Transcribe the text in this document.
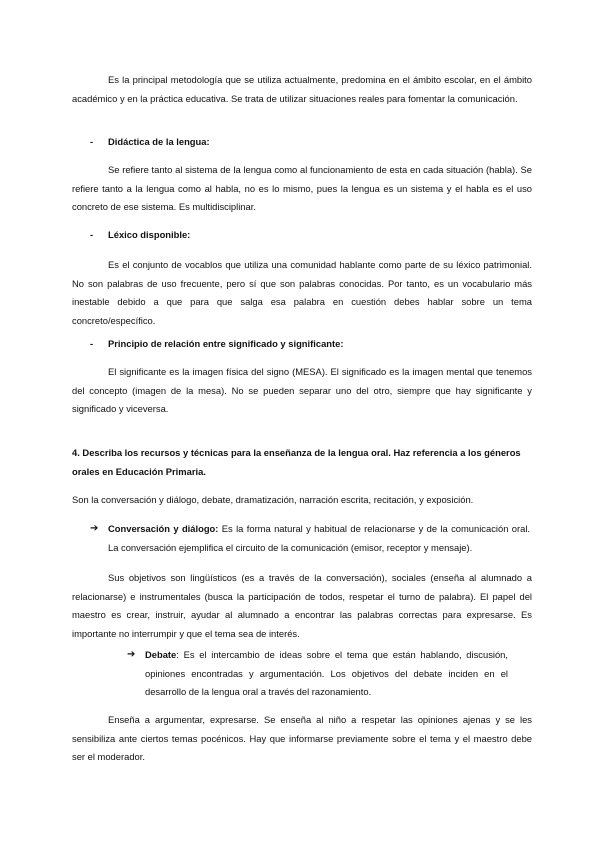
Es la principal metodología que se utiliza actualmente, predomina en el ámbito escolar, en el ámbito académico y en la práctica educativa. Se trata de utilizar situaciones reales para fomentar la comunicación.

- Didáctica de la lengua:

Se refiere tanto al sistema de la lengua como al funcionamiento de esta en cada situación (habla). Se refiere tanto a la lengua como al habla, no es lo mismo, pues la lengua es un sistema y el habla es el uso concreto de ese sistema. Es multidisciplinar.

- Léxico disponible:

Es el conjunto de vocablos que utiliza una comunidad hablante como parte de su léxico patrimonial. No son palabras de uso frecuente, pero sí que son palabras conocidas. Por tanto, es un vocabulario más inestable debido a que para que salga esa palabra en cuestión debes hablar sobre un tema concreto/específico.

- Principio de relación entre significado y significante:

El significante es la imagen física del signo (MESA). El significado es la imagen mental que tenemos del concepto (imagen de la mesa). No se pueden separar uno del otro, siempre que hay significante y significado y viceversa.

4. Describa los recursos y técnicas para la enseñanza de la lengua oral. Haz referencia a los géneros orales en Educación Primaria.
Son la conversación y diálogo, debate, dramatización, narración escrita, recitación, y exposición.
➔ Conversación y diálogo: Es la forma natural y habitual de relacionarse y de la comunicación oral. La conversación ejemplifica el circuito de la comunicación (emisor, receptor y mensaje).

Sus objetivos son lingüísticos (es a través de la conversación), sociales (enseña al alumnado a relacionarse) e instrumentales (busca la participación de todos, respetar el turno de palabra). El papel del maestro es crear, instruir, ayudar al alumnado a encontrar las palabras correctas para expresarse. Es importante no interrumpir y que el tema sea de interés.

➔ Debate: Es el intercambio de ideas sobre el tema que están hablando, discusión, opiniones encontradas y argumentación. Los objetivos del debate inciden en el desarrollo de la lengua oral a través del razonamiento.

Enseña a argumentar, expresarse. Se enseña al niño a respetar las opiniones ajenas y se les sensibiliza ante ciertos temas pocénicos. Hay que informarse previamente sobre el tema y el maestro debe ser el moderador.
